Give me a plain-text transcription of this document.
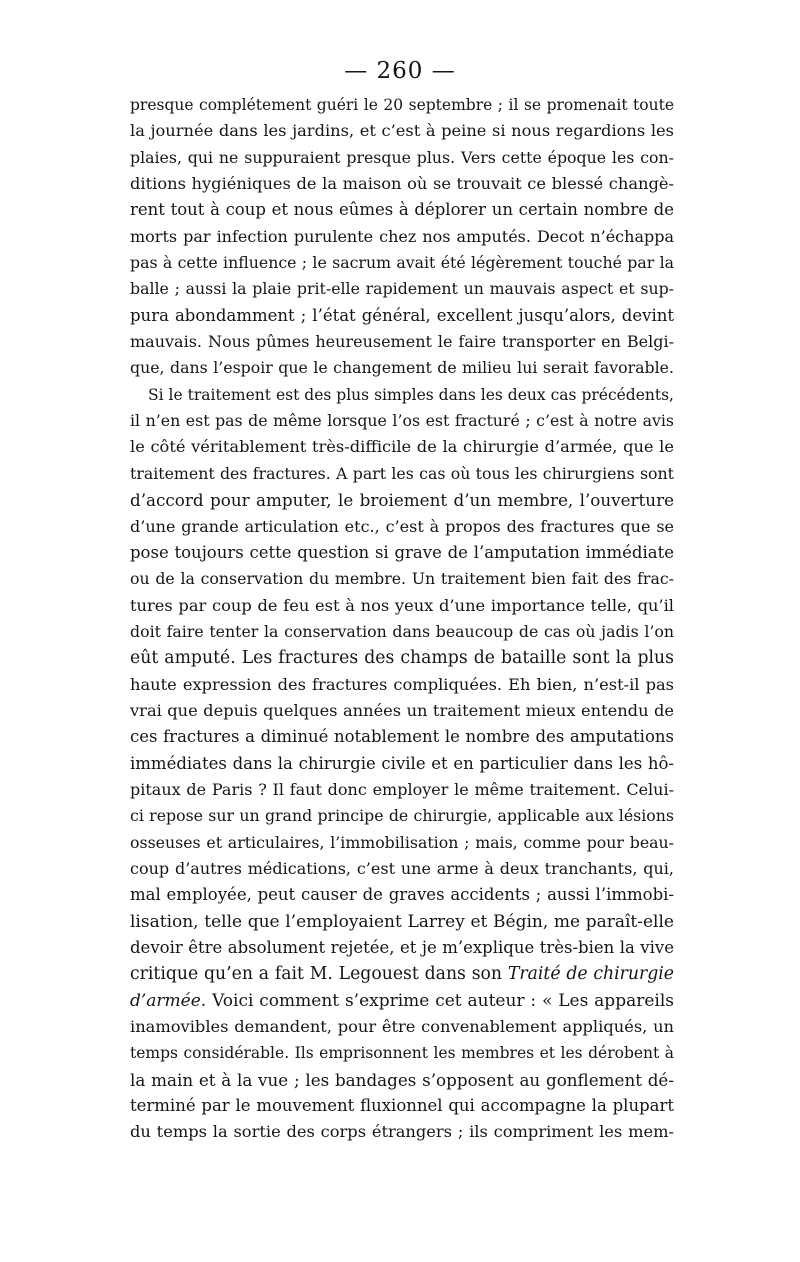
— 260 —
presque complétement guéri le 20 septembre ; il se promenait toute
la journée dans les jardins, et c’est à peine si nous regardions les
plaies, qui ne suppuraient presque plus. Vers cette époque les con-
ditions hygiéniques de la maison où se trouvait ce blessé changè-
rent tout à coup et nous eûmes à déplorer un certain nombre de
morts par infection purulente chez nos amputés. Decot n’échappa
pas à cette influence ; le sacrum avait été légèrement touché par la
balle ; aussi la plaie prit-elle rapidement un mauvais aspect et sup-
pura abondamment ; l’état général, excellent jusqu’alors, devint
mauvais. Nous pûmes heureusement le faire transporter en Belgi-
que, dans l’espoir que le changement de milieu lui serait favorable.
Si le traitement est des plus simples dans les deux cas précédents,
il n’en est pas de même lorsque l’os est fracturé ; c’est à notre avis
le côté véritablement très-difficile de la chirurgie d’armée, que le
traitement des fractures. A part les cas où tous les chirurgiens sont
d’accord pour amputer, le broiement d’un membre, l’ouverture
d’une grande articulation etc., c’est à propos des fractures que se
pose toujours cette question si grave de l’amputation immédiate
ou de la conservation du membre. Un traitement bien fait des frac-
tures par coup de feu est à nos yeux d’une importance telle, qu’il
doit faire tenter la conservation dans beaucoup de cas où jadis l’on
eût amputé. Les fractures des champs de bataille sont la plus
haute expression des fractures compliquées. Eh bien, n’est-il pas
vrai que depuis quelques années un traitement mieux entendu de
ces fractures a diminué notablement le nombre des amputations
immédiates dans la chirurgie civile et en particulier dans les hô-
pitaux de Paris ? Il faut donc employer le même traitement. Celui-
ci repose sur un grand principe de chirurgie, applicable aux lésions
osseuses et articulaires, l’immobilisation ; mais, comme pour beau-
coup d’autres médications, c’est une arme à deux tranchants, qui,
mal employée, peut causer de graves accidents ; aussi l’immobi-
lisation, telle que l’employaient Larrey et Bégin, me paraît-elle
devoir être absolument rejetée, et je m’explique très-bien la vive
critique qu’en a fait M. Legouest dans son Traité de chirurgie
d’armée. Voici comment s’exprime cet auteur : « Les appareils
inamovibles demandent, pour être convenablement appliqués, un
temps considérable. Ils emprisonnent les membres et les dérobent à
la main et à la vue ; les bandages s’opposent au gonflement dé-
terminé par le mouvement fluxionnel qui accompagne la plupart
du temps la sortie des corps étrangers ; ils compriment les mem-
